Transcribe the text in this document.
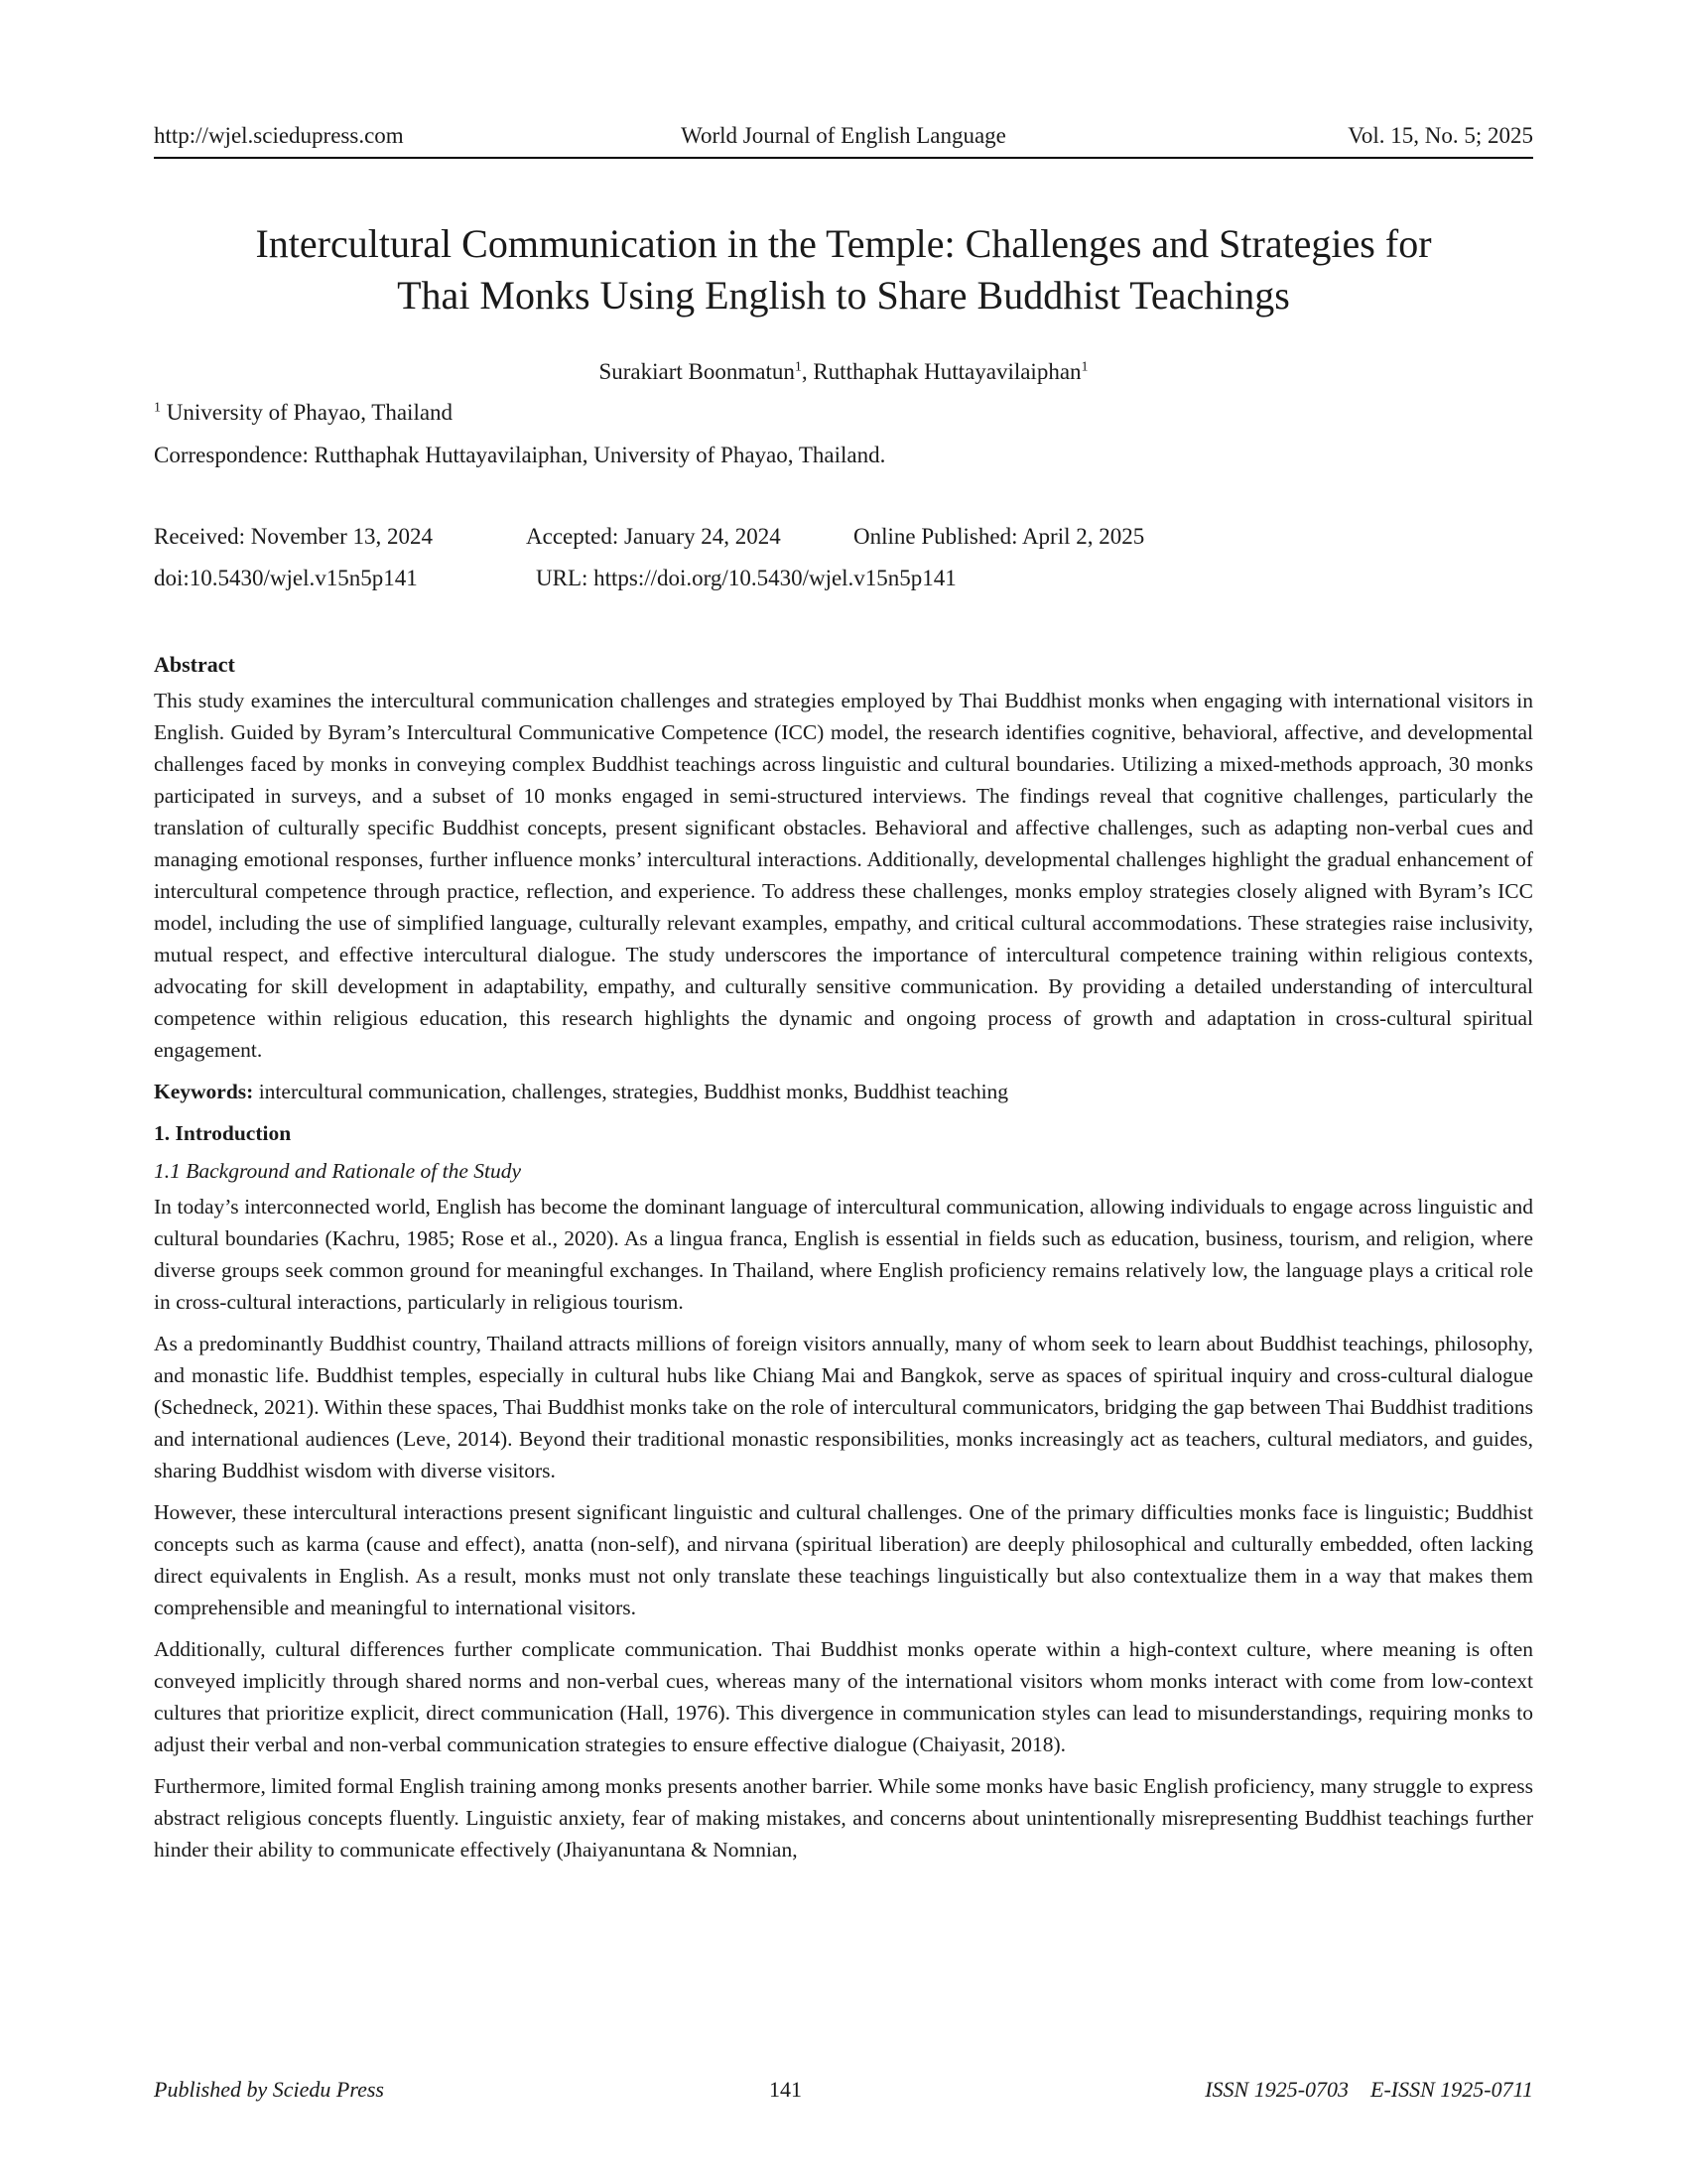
http://wjel.sciedupress.com	World Journal of English Language	Vol. 15, No. 5; 2025
Intercultural Communication in the Temple: Challenges and Strategies for
Thai Monks Using English to Share Buddhist Teachings
Surakiart Boonmatun$^1$, Rutthaphak Huttayavilaiphan$^1$
$^1$ University of Phayao, Thailand
Correspondence: Rutthaphak Huttayavilaiphan, University of Phayao, Thailand.
Received: November 13, 2024	Accepted: January 24, 2024	Online Published: April 2, 2025
doi:10.5430/wjel.v15n5p141	URL: https://doi.org/10.5430/wjel.v15n5p141
Abstract

This study examines the intercultural communication challenges and strategies employed by Thai Buddhist monks when engaging with international visitors in English. Guided by Byram’s Intercultural Communicative Competence (ICC) model, the research identifies cognitive, behavioral, affective, and developmental challenges faced by monks in conveying complex Buddhist teachings across linguistic and cultural boundaries. Utilizing a mixed-methods approach, 30 monks participated in surveys, and a subset of 10 monks engaged in semi-structured interviews. The findings reveal that cognitive challenges, particularly the translation of culturally specific Buddhist concepts, present significant obstacles. Behavioral and affective challenges, such as adapting non-verbal cues and managing emotional responses, further influence monks’ intercultural interactions. Additionally, developmental challenges highlight the gradual enhancement of intercultural competence through practice, reflection, and experience. To address these challenges, monks employ strategies closely aligned with Byram’s ICC model, including the use of simplified language, culturally relevant examples, empathy, and critical cultural accommodations. These strategies raise inclusivity, mutual respect, and effective intercultural dialogue. The study underscores the importance of intercultural competence training within religious contexts, advocating for skill development in adaptability, empathy, and culturally sensitive communication. By providing a detailed understanding of intercultural competence within religious education, this research highlights the dynamic and ongoing process of growth and adaptation in cross-cultural spiritual engagement.

Keywords: intercultural communication, challenges, strategies, Buddhist monks, Buddhist teaching

1. Introduction
1.1 Background and Rationale of the Study

In today’s interconnected world, English has become the dominant language of intercultural communication, allowing individuals to engage across linguistic and cultural boundaries (Kachru, 1985; Rose et al., 2020). As a lingua franca, English is essential in fields such as education, business, tourism, and religion, where diverse groups seek common ground for meaningful exchanges. In Thailand, where English proficiency remains relatively low, the language plays a critical role in cross-cultural interactions, particularly in religious tourism.

As a predominantly Buddhist country, Thailand attracts millions of foreign visitors annually, many of whom seek to learn about Buddhist teachings, philosophy, and monastic life. Buddhist temples, especially in cultural hubs like Chiang Mai and Bangkok, serve as spaces of spiritual inquiry and cross-cultural dialogue (Schedneck, 2021). Within these spaces, Thai Buddhist monks take on the role of intercultural communicators, bridging the gap between Thai Buddhist traditions and international audiences (Leve, 2014). Beyond their traditional monastic responsibilities, monks increasingly act as teachers, cultural mediators, and guides, sharing Buddhist wisdom with diverse visitors.

However, these intercultural interactions present significant linguistic and cultural challenges. One of the primary difficulties monks face is linguistic; Buddhist concepts such as karma (cause and effect), anatta (non-self), and nirvana (spiritual liberation) are deeply philosophical and culturally embedded, often lacking direct equivalents in English. As a result, monks must not only translate these teachings linguistically but also contextualize them in a way that makes them comprehensible and meaningful to international visitors.

Additionally, cultural differences further complicate communication. Thai Buddhist monks operate within a high-context culture, where meaning is often conveyed implicitly through shared norms and non-verbal cues, whereas many of the international visitors whom monks interact with come from low-context cultures that prioritize explicit, direct communication (Hall, 1976). This divergence in communication styles can lead to misunderstandings, requiring monks to adjust their verbal and non-verbal communication strategies to ensure effective dialogue (Chaiyasit, 2018).

Furthermore, limited formal English training among monks presents another barrier. While some monks have basic English proficiency, many struggle to express abstract religious concepts fluently. Linguistic anxiety, fear of making mistakes, and concerns about unintentionally misrepresenting Buddhist teachings further hinder their ability to communicate effectively (Jhaiyanuntana & Nomnian,

Published by Sciedu Press	141	ISSN 1925-0703    E-ISSN 1925-0711
